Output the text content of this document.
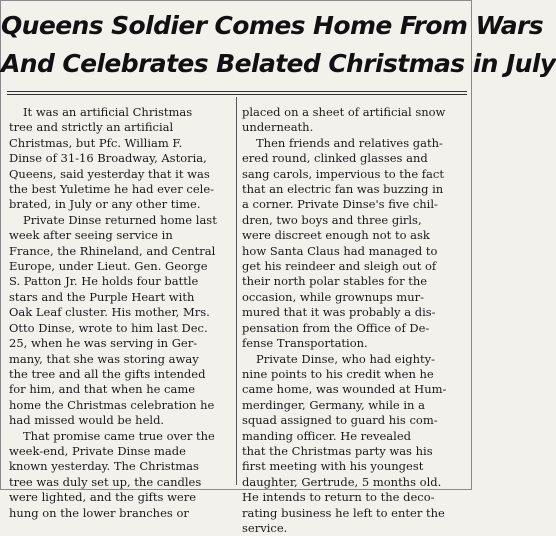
Queens Soldier Comes Home From Wars
And Celebrates Belated Christmas in July
It was an artificial Christmas
tree and strictly an artificial
Christmas, but Pfc. William F.
Dinse of 31-16 Broadway, Astoria,
Queens, said yesterday that it was
the best Yuletime he had ever cele-
brated, in July or any other time.
Private Dinse returned home last
week after seeing service in
France, the Rhineland, and Central
Europe, under Lieut. Gen. George
S. Patton Jr. He holds four battle
stars and the Purple Heart with
Oak Leaf cluster. His mother, Mrs.
Otto Dinse, wrote to him last Dec.
25, when he was serving in Ger-
many, that she was storing away
the tree and all the gifts intended
for him, and that when he came
home the Christmas celebration he
had missed would be held.
That promise came true over the
week-end, Private Dinse made
known yesterday. The Christmas
tree was duly set up, the candles
were lighted, and the gifts were
hung on the lower branches or
placed on a sheet of artificial snow
underneath.
Then friends and relatives gath-
ered round, clinked glasses and
sang carols, impervious to the fact
that an electric fan was buzzing in
a corner. Private Dinse's five chil-
dren, two boys and three girls,
were discreet enough not to ask
how Santa Claus had managed to
get his reindeer and sleigh out of
their north polar stables for the
occasion, while grownups mur-
mured that it was probably a dis-
pensation from the Office of De-
fense Transportation.
Private Dinse, who had eighty-
nine points to his credit when he
came home, was wounded at Hum-
merdinger, Germany, while in a
squad assigned to guard his com-
manding officer. He revealed
that the Christmas party was his
first meeting with his youngest
daughter, Gertrude, 5 months old.
He intends to return to the deco-
rating business he left to enter the
service.
